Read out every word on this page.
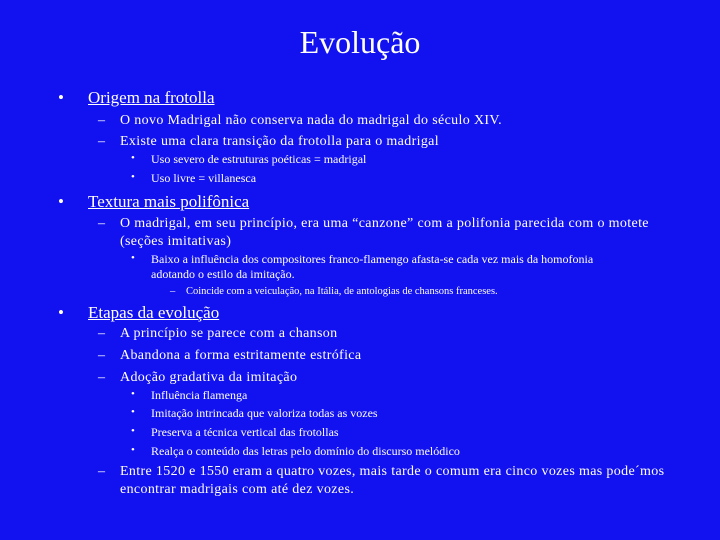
Evolução
• Origem na frotolla
– O novo Madrigal não conserva nada do madrigal do século XIV.
– Existe uma clara transição da frotolla para o madrigal
• Uso severo de estruturas poéticas = madrigal
• Uso livre = villanesca
• Textura mais polifônica
– O madrigal, em seu princípio, era uma “canzone” com a polifonia parecida com o motete (seções imitativas)
• Baixo a influência dos compositores franco-flamengo afasta-se cada vez mais da homofonia adotando o estilo da imitação.
– Coincide com a veiculação, na Itália, de antologias de chansons franceses.
• Etapas da evolução
– A princípio se parece com a chanson
– Abandona a forma estritamente estrófica
– Adoção gradativa da imitação
• Influência flamenga
• Imitação intrincada que valoriza todas as vozes
• Preserva a técnica vertical das frotollas
• Realça o conteúdo das letras pelo domínio do discurso melódico
– Entre 1520 e 1550 eram a quatro vozes, mais tarde o comum era cinco vozes mas pode´mos encontrar madrigais com até dez vozes.
